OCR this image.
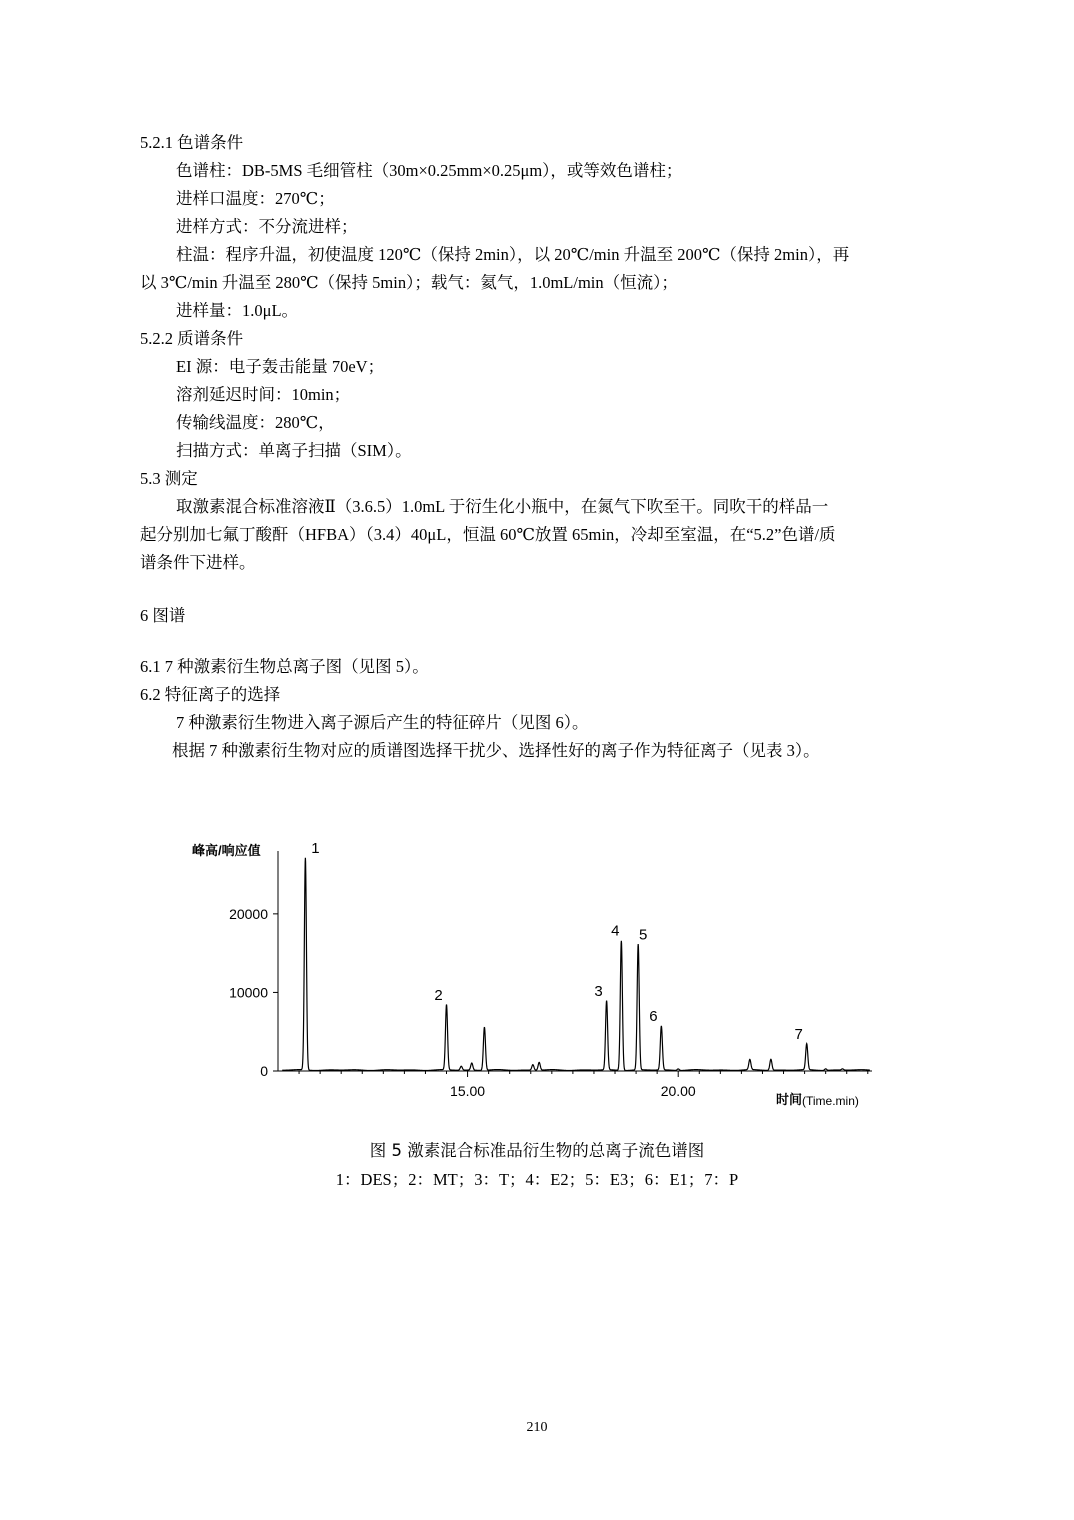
5.2.1 色谱条件
色谱柱：DB-5MS 毛细管柱（30m×0.25mm×0.25μm），或等效色谱柱；
进样口温度：270℃；
进样方式：不分流进样；
柱温：程序升温，初使温度 120℃（保持 2min），以 20℃/min 升温至 200℃（保持 2min），再
以 3℃/min 升温至 280℃（保持 5min）；载气：氦气，1.0mL/min（恒流）；
进样量：1.0μL。
5.2.2 质谱条件
EI 源：电子轰击能量 70eV；
溶剂延迟时间：10min；
传输线温度：280℃，
扫描方式：单离子扫描（SIM）。
5.3 测定
取激素混合标准溶液Ⅱ（3.6.5）1.0mL 于衍生化小瓶中，在氮气下吹至干。同吹干的样品一
起分别加七氟丁酸酐（HFBA）（3.4）40μL，恒温 60℃放置 65min，冷却至室温，在“5.2”色谱/质
谱条件下进样。
6 图谱
6.1 7 种激素衍生物总离子图（见图 5）。
6.2 特征离子的选择
7 种激素衍生物进入离子源后产生的特征碎片（见图 6）。
根据 7 种激素衍生物对应的质谱图选择干扰少、选择性好的离子作为特征离子（见表 3）。
0
10000
20000
峰高/响应值
15.00	20.00
时间 (Time.min)
1
2	3
4 5
6
7
图 5 激素混合标准品衍生物的总离子流色谱图
1：DES；2：MT；3：T；4：E2；5：E3；6：E1；7：P
210
